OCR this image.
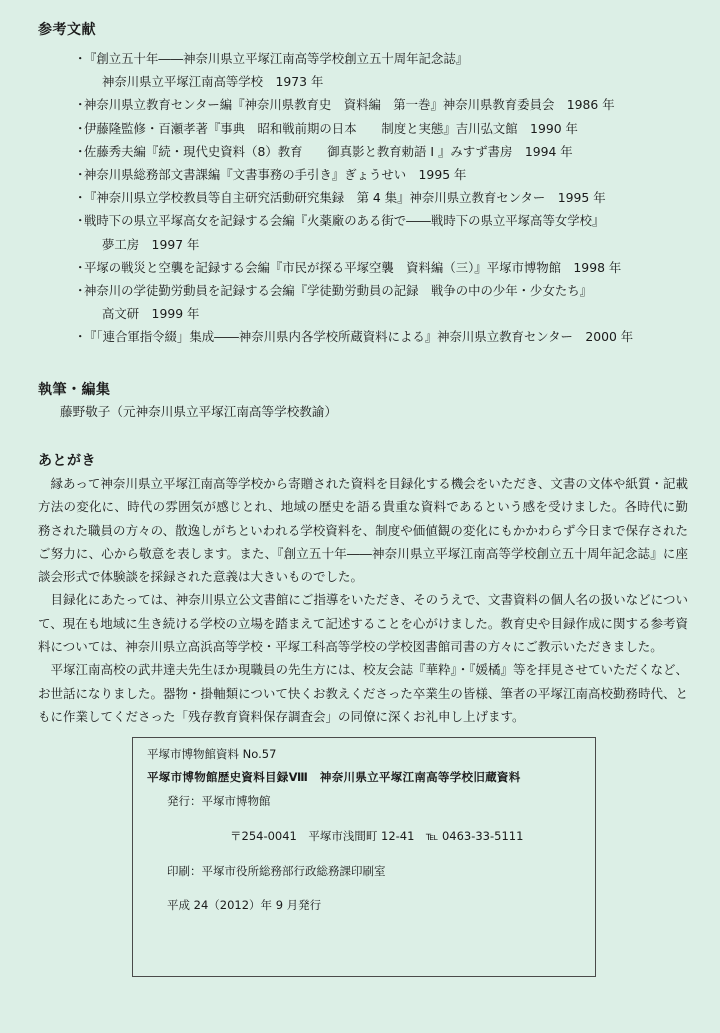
参考文献
・『創立五十年――神奈川県立平塚江南高等学校創立五十周年記念誌』
神奈川県立平塚江南高等学校　1973 年
・神奈川県立教育センター編『神奈川県教育史　資料編　第一巻』神奈川県教育委員会　1986 年
・伊藤隆監修・百瀬孝著『事典　昭和戦前期の日本　　制度と実態』吉川弘文館　1990 年
・佐藤秀夫編『続・現代史資料（8）教育　　御真影と教育勅語 I 』みすず書房　1994 年
・神奈川県総務部文書課編『文書事務の手引き』ぎょうせい　1995 年
・『神奈川県立学校教員等自主研究活動研究集録　第 4 集』神奈川県立教育センター　1995 年
・戦時下の県立平塚高女を記録する会編『火薬廠のある街で――戦時下の県立平塚高等女学校』
夢工房　1997 年
・平塚の戦災と空襲を記録する会編『市民が探る平塚空襲　資料編（三）』平塚市博物館　1998 年
・神奈川の学徒勤労動員を記録する会編『学徒勤労動員の記録　戦争の中の少年・少女たち』
高文研　1999 年
・『「連合軍指令綴」集成――神奈川県内各学校所蔵資料による』神奈川県立教育センター　2000 年
執筆・編集
藤野敬子（元神奈川県立平塚江南高等学校教諭）
あとがき

縁あって神奈川県立平塚江南高等学校から寄贈された資料を目録化する機会をいただき、文書の文体や紙質・記載方法の変化に、時代の雰囲気が感じとれ、地域の歴史を語る貴重な資料であるという感を受けました。各時代に勤務された職員の方々の、散逸しがちといわれる学校資料を、制度や価値観の変化にもかかわらず今日まで保存されたご努力に、心から敬意を表します。また、『創立五十年――神奈川県立平塚江南高等学校創立五十周年記念誌』に座談会形式で体験談を採録された意義は大きいものでした。

目録化にあたっては、神奈川県立公文書館にご指導をいただき、そのうえで、文書資料の個人名の扱いなどについて、現在も地域に生き続ける学校の立場を踏まえて記述することを心がけました。教育史や目録作成に関する参考資料については、神奈川県立高浜高等学校・平塚工科高等学校の学校図書館司書の方々にご教示いただきました。

平塚江南高校の武井達夫先生ほか現職員の先生方には、校友会誌『華粋』・『媛橘』等を拝見させていただくなど、お世話になりました。器物・掛軸類について快くお教えくださった卒業生の皆様、筆者の平塚江南高校勤務時代、ともに作業してくださった「残存教育資料保存調査会」の同僚に深くお礼申し上げます。

平塚市博物館資料 No.57
平塚市博物館歴史資料目録Ⅷ　神奈川県立平塚江南高等学校旧蔵資料
発行：平塚市博物館
〒254-0041　平塚市浅間町 12-41　℡ 0463-33-5111
印刷：平塚市役所総務部行政総務課印刷室
平成 24（2012）年 9 月発行
